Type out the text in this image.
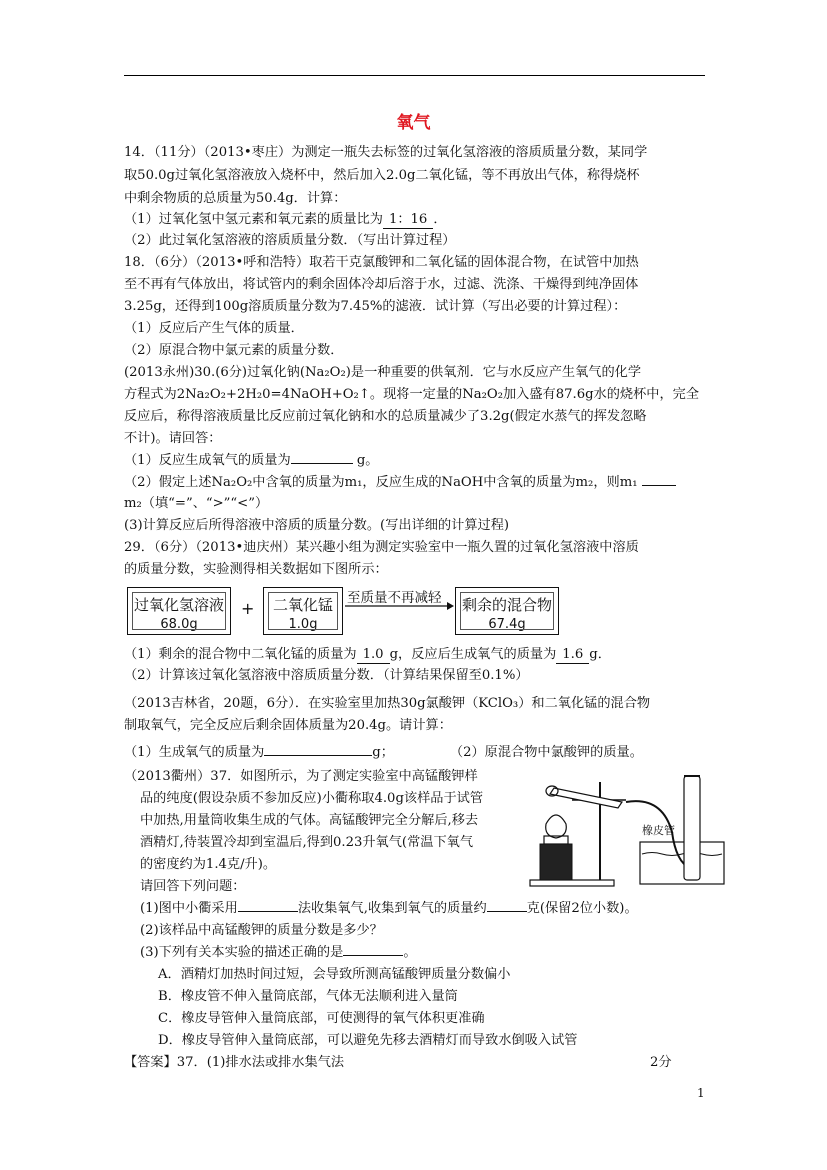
氧气
14．（11分）（2013•枣庄）为测定一瓶失去标签的过氧化氢溶液的溶质质量分数，某同学
取50.0g过氧化氢溶液放入烧杯中，然后加入2.0g二氧化锰，等不再放出气体，称得烧杯
中剩余物质的总质量为50.4g．计算：
（1）过氧化氢中氢元素和氧元素的质量比为 1：16 ．
（2）此过氧化氢溶液的溶质质量分数．（写出计算过程）
18．（6分）（2013•呼和浩特）取若干克氯酸钾和二氧化锰的固体混合物，在试管中加热
至不再有气体放出，将试管内的剩余固体冷却后溶于水，过滤、洗涤、干燥得到纯净固体
3.25g，还得到100g溶质质量分数为7.45%的滤液．试计算（写出必要的计算过程）：
（1）反应后产生气体的质量．
（2）原混合物中氯元素的质量分数．
(2013永州)30.(6分)过氧化钠(Na₂O₂)是一种重要的供氧剂．它与水反应产生氧气的化学
方程式为2Na₂O₂+2H₂0=4NaOH+O₂↑。现将一定量的Na₂O₂加入盛有87.6g水的烧杯中，完全
反应后，称得溶液质量比反应前过氧化钠和水的总质量减少了3.2g(假定水蒸气的挥发忽略
不计)。请回答：
（1）反应生成氧气的质量为	g。
（2）假定上述Na₂O₂中含氧的质量为m₁，反应生成的NaOH中含氧的质量为m₂，则m₁
m₂（填“=”、“>”“<”）
(3)计算反应后所得溶液中溶质的质量分数。(写出详细的计算过程)
29．（6分）（2013•迪庆州）某兴趣小组为测定实验室中一瓶久置的过氧化氢溶液中溶质
的质量分数，实验测得相关数据如下图所示：
过氧化氢溶液
68.0g
+	二氧化锰
1.0g
至质量不再减轻	剩余的混合物
67.4g
（1）剩余的混合物中二氧化锰的质量为 1.0 g，反应后生成氧气的质量为 1.6 g．
（2）计算该过氧化氢溶液中溶质质量分数．（计算结果保留至0.1%）
（2013吉林省，20题，6分）．在实验室里加热30g氯酸钾（KClO₃）和二氧化锰的混合物
制取氧气，完全反应后剩余固体质量为20.4g。请计算：
（1）生成氧气的质量为	g；	（2）原混合物中氯酸钾的质量。
（2013衢州）37．如图所示，为了测定实验室中高锰酸钾样
品的纯度(假设杂质不参加反应)小衢称取4.0g该样品于试管
中加热,用量筒收集生成的气体。高锰酸钾完全分解后,移去
酒精灯,待装置冷却到室温后,得到0.23升氧气(常温下氧气
的密度约为1.4克/升)。
请回答下列问题：
橡皮管
(1)图中小衢采用	法收集氧气,收集到氧气的质量约	克(保留2位小数)。
(2)该样品中高锰酸钾的质量分数是多少？
(3)下列有关本实验的描述正确的是	。
A．酒精灯加热时间过短，会导致所测高锰酸钾质量分数偏小
B．橡皮管不伸入量筒底部，气体无法顺利进入量筒
C．橡皮导管伸入量筒底部，可使测得的氧气体积更准确
D．橡皮导管伸入量筒底部，可以避免先移去酒精灯而导致水倒吸入试管
【答案】37．(1)排水法或排水集气法	2分
1
